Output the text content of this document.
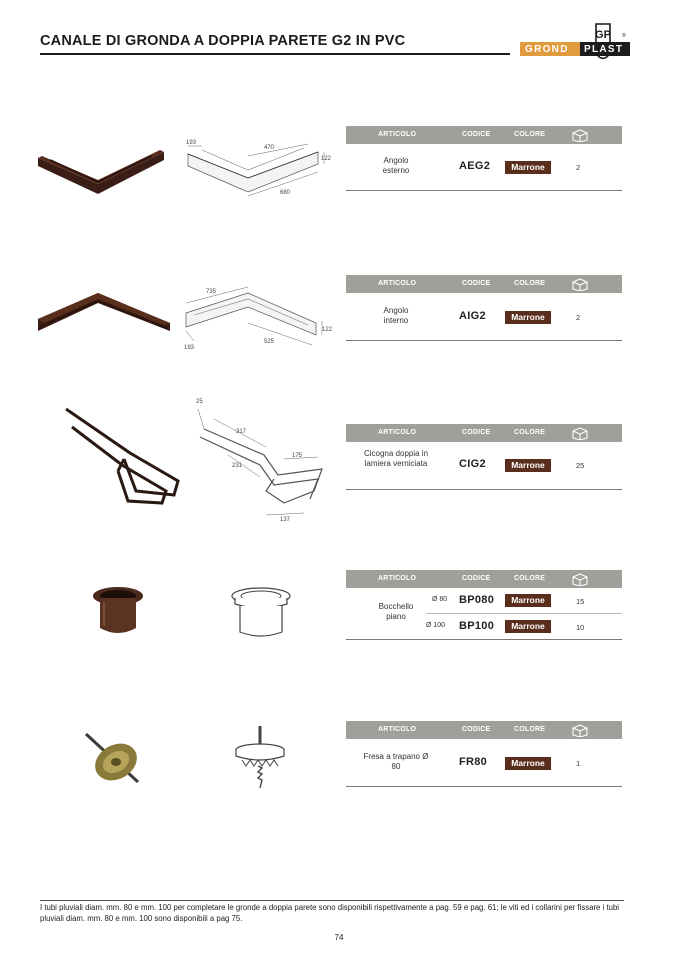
CANALE DI GRONDA A DOPPIA PARETE G2 IN PVC	GP
GROND	PLAST
®
193
470
122
680
ARTICOLO	CODICE	COLORE
Angolo esterno	AEG2	Marrone	2
735
122
525
193
ARTICOLO	CODICE	COLORE
Angolo interno	AIG2	Marrone	2
25
317
175
231
137
ARTICOLO	CODICE	COLORE
Cicogna doppia in lamiera verniciata	CIG2	Marrone	25
ARTICOLO	CODICE	COLORE
Bocchello piano
Ø 80 BP080	Marrone	15
Ø 100 BP100	Marrone	10
ARTICOLO	CODICE	COLORE
Fresa a trapano Ø 80	FR80	Marrone	1

I tubi pluviali diam. mm. 80 e mm. 100 per completare le gronde a doppia parete sono disponibili rispettivamente a pag. 59 e pag. 61; le viti ed i collarini per fissare i tubi pluviali diam. mm. 80 e mm. 100 sono disponibili a pag 75.

74
